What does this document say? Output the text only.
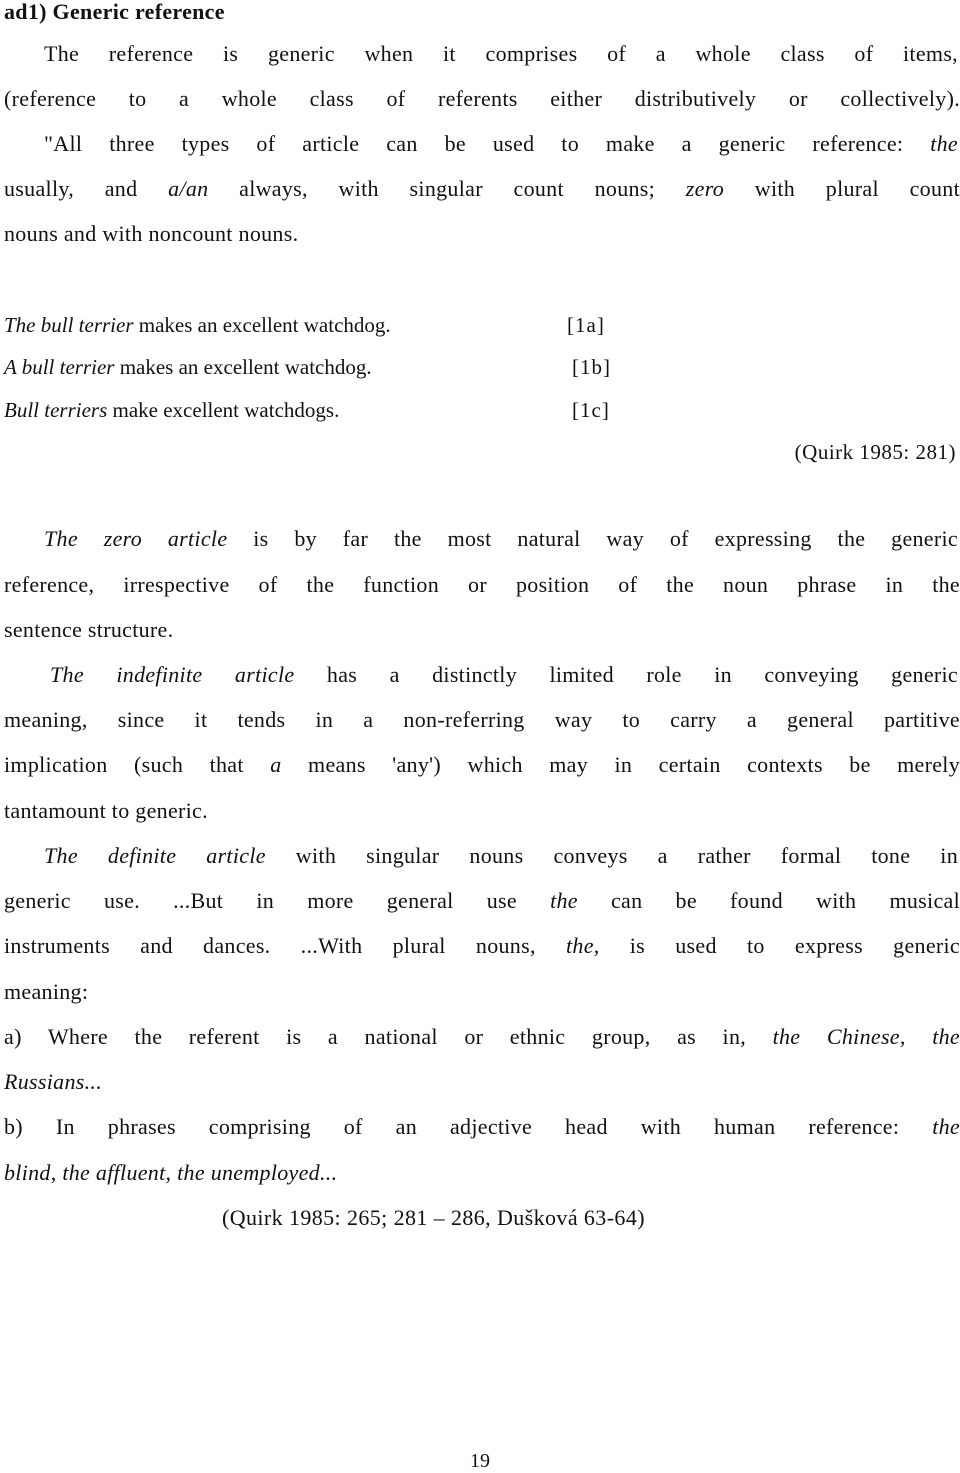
ad1) Generic reference
The reference is generic when it comprises of a whole class of items,
(reference to a whole class of referents either distributively or collectively).
"All three types of article can be used to make a generic reference: the
usually, and a/an always, with singular count nouns; zero with plural count
nouns and with noncount nouns.
The bull terrier makes an excellent watchdog.	[1a]
A bull terrier makes an excellent watchdog.	[1b]
Bull terriers make excellent watchdogs.	[1c]
(Quirk 1985: 281)
The zero article is by far the most natural way of expressing the generic
reference, irrespective of the function or position of the noun phrase in the
sentence structure.
The indefinite article has a distinctly limited role in conveying generic
meaning, since it tends in a non-referring way to carry a general partitive
implication (such that a means 'any') which may in certain contexts be merely
tantamount to generic.
The definite article with singular nouns conveys a rather formal tone in
generic use. ...But in more general use the can be found with musical
instruments and dances. ...With plural nouns, the, is used to express generic
meaning:
a) Where the referent is a national or ethnic group, as in, the Chinese, the
Russians...
b) In phrases comprising of an adjective head with human reference: the
blind, the affluent, the unemployed...
(Quirk 1985: 265; 281 – 286, Dušková 63-64)
19
